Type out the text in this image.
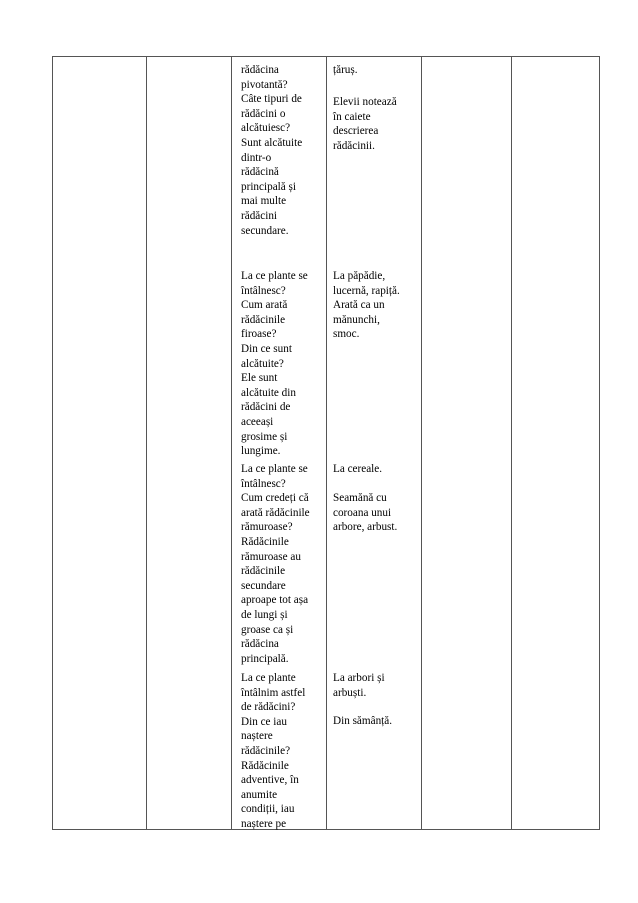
rădăcina
pivotantă?
Câte tipuri de
rădăcini o
alcătuiesc?
Sunt alcătuite
dintr-o
rădăcină
principală și
mai multe
rădăcini
secundare.
La ce plante se
întâlnesc?
Cum arată
rădăcinile
firoase?
Din ce sunt
alcătuite?
Ele sunt
alcătuite din
rădăcini de
aceeași
grosime și
lungime.
La ce plante se
întâlnesc?
Cum credeți că
arată rădăcinile
rămuroase?
Rădăcinile
rămuroase au
rădăcinile
secundare
aproape tot așa
de lungi și
groase ca și
rădăcina
principală.
La ce plante
întâlnim astfel
de rădăcini?
Din ce iau
naștere
rădăcinile?
Rădăcinile
adventive, în
anumite
condiții, iau
naștere pe
țăruș.
Elevii notează
în caiete
descrierea
rădăcinii.
La păpădie,
lucernă, rapiță.
Arată ca un
mănunchi,
smoc.
La cereale.
Seamănă cu
coroana unui
arbore, arbust.
La arbori și
arbuști.
Din sămânță.
